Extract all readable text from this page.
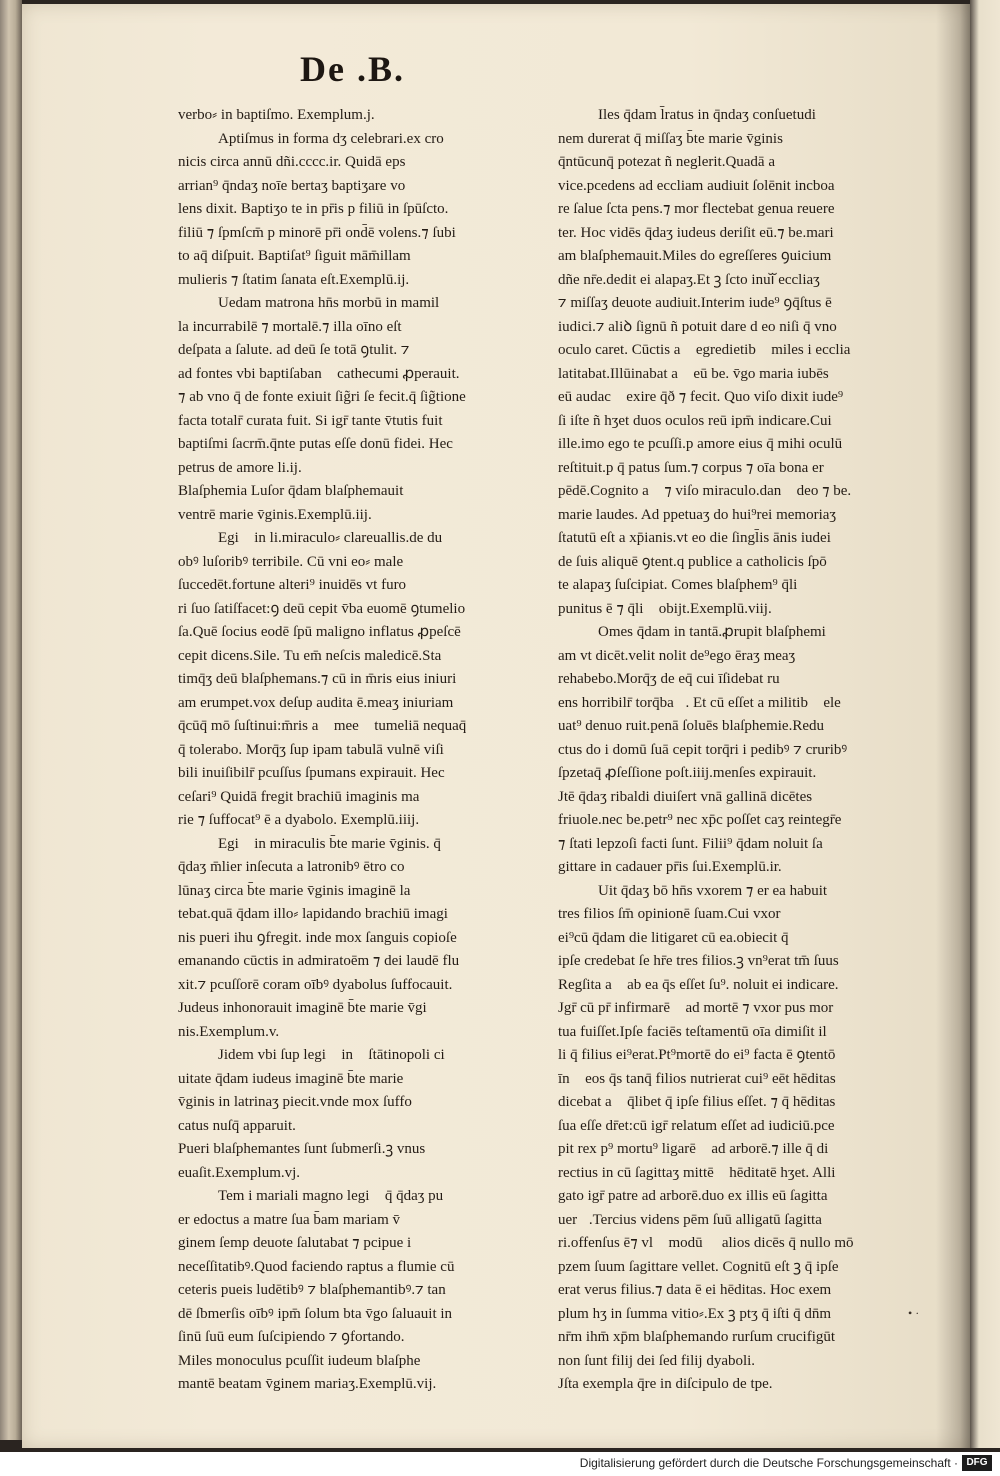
De .B.
verbo⸗ in baptiſmo. Exemplum.j.
Aptiſmus in forma dʒ celebrari.ex cro
nicis circa annū dñi.cccc.ir. Quidā eps
arrian⁹ q̄ndaʒ noīe bertaʒ baptiʒare vo
lens dixit. Baptiʒo te in pr̄is p filiū in ſpūſcto.
filiū ⁊ ſpmſcm̄ p minorē pr̄i ond̄ē volens.⁊ ſubi
to aq̄ diſpuit. Baptiſat⁹ ſiguit mām̄illam
mulieris ⁊ ſtatim ſanata eſt.Exemplū.ij.
Uedam matrona hn̄s morbū in mamil
la incurrabilē ⁊ mortalē.⁊ illa oīno eſt
deſpata a ſalute. ad deū ſe totā ꝯtulit. ⁊
ad fontes vbi baptiſabanᷓ cathecumi ꝓperauit.
⁊ ab vno q̄ de fonte exiuit ſig̃ri ſe fecit.q̄ ſig̃tione
facta totalr̄ curata fuit. Si igr̄ tante v̄tutis fuit
baptiſmi ſacrm̄.q̄nte putas eſſe donū fidei. Hec
petrus de amore li.ij.
Blaſphemia Luſor q̄dam blaſphemauit
ventrē marie v̄ginis.Exemplū.iij.
Egiᷓ in li.miraculo⸗ clareuallis.de du
obꝰ luſoribꝰ terribile. Cū vni eo⸗ male
ſuccedēt.fortune alteri⁹ inuidēs vt furo
ri ſuo ſatiſfacet:ꝯ deū cepit v̄ba euomē ꝯtumelio
ſa.Quē ſocius eodē ſpū maligno inflatus ꝓpeſcē
cepit dicens.Sile. Tu em̄ neſcis maledicē.Sta
timq̄ʒ deū blaſphemans.⁊ cū in m̄ris eius iniuri
am erumpet.vox deſup audita ē.meaʒ iniuriam
q̄cūq̄ mō ſuſtinui:m̄ris aᷓ mee ꝯtumeliā nequaq̄
q̄ tolerabo. Morq̄ʒ ſup ipam tabulā vulnē viſi
bili inuiſibilr̄ pcuſſus ſpumans expirauit. Hec
ceſari⁹ Quidā fregit brachiū imaginis ma
rie ⁊ ſuffocat⁹ ē a dyabolo. Exemplū.iiij.
Egiᷓ in miraculis b̄te marie v̄ginis. q̄
q̄daʒ m̄lier inſecuta a latronibꝰ ētro co
lūnaʒ circa b̄te marie v̄ginis imaginē la
tebat.quā q̄dam illo⸗ lapidando brachiū imagi
nis pueri ihu ꝯfregit. inde mox ſanguis copioſe
emanando cūctis in admiratoēm ⁊ dei laudē flu
xit.⁊ pcuſſorē coram oībꝰ dyabolus ſuffocauit.
Judeus inhonorauit imaginē b̄te marie v̄gi
nis.Exemplum.v.
Jidem vbi ſup legiᷓ in ꝯſtātinopoli ci
uitate q̄dam iudeus imaginē b̄te marie
v̄ginis in latrinaʒ piecit.vnde mox ſuffo
catus nuſq̄ apparuit.
Pueri blaſphemantes ſunt ſubmerſi.ꝫ vnus
euaſit.Exemplum.vj.
Tem i mariali magno legiᷓ q̄ q̄daʒ pu
er edoctus a matre ſua b̄am mariam v̄
ginem ſemp deuote ſalutabat ⁊ pcipue i
neceſſitatibꝰ.Quod faciendo raptus a flumie cū
ceteris pueis ludētibꝰ ⁊ blaſphemantibꝰ.⁊ tan
dē ſbmerſis oībꝰ ipm̄ ſolum bta v̄go ſaluauit in
ſinū ſuū eum ſuſcipiendo ⁊ ꝯfortando.
Miles monoculus pcuſſit iudeum blaſphe
mantē beatam v̄ginem mariaʒ.Exemplū.vij.
Iles q̄dam l̄ratus in q̄ndaʒ conſuetudi
nem durerat q̄ miſſaʒ b̄te marie v̄ginis
q̄ntūcunq̄ potezat ñ neglerit.Quadā aᷓ
vice.pcedens ad eccliam audiuit ſolēnit incboa
re ſalue ſcta pens.⁊ mor flectebat genua reuere
ter. Hoc vidēs q̄daʒ iudeus deriſit eū.⁊ be.mari
am blaſphemauit.Miles do egreſſeres ꝯuicium
dñe nr̄e.dedit ei alapaʒ.Et ꝫ ſcto inuiᷓ eccliaʒ
⁊ miſſaʒ deuote audiuit.Interim iude⁹ ꝯq̄ſtus ē
iudici.⁊ aliꝺ ſignū ñ potuit dare d eo niſi q̄ vno
oculo caret. Cūctis aᷓ egredietibꝰ miles i ecclia
latitabat.Illūinabat aᷓ eū be. v̄go maria iubēs
eū audacᷓ exire q̄ð ⁊ fecit. Quo viſo dixit iude⁹
ſi iſte ñ hʒet duos oculos reū ipm̄ indicare.Cui
ille.imo ego te pcuſſi.p amore eius q̄ mihi oculū
reſtituit.p q̄ patus ſum.⁊ corpus ⁊ oīa bona er
pēdē.Cognito aᷓ ⁊ viſo miraculo.danᷓ deo ⁊ be.
marie laudes. Ad ppetuaʒ do hui⁹rei memoriaʒ
ſtatutū eſt a xp̄ianis.vt eo die ſingl̄is ānis iudei
de ſuis aliquē ꝯtent.q publice a catholicis ſpō
te alapaʒ ſuſcipiat. Comes blaſphem⁹ q̄liᷓ
punitus ē ⁊ q̄liᷓ obijt.Exemplū.viij.
Omes q̄dam in tantā.ꝓrupit blaſphemi
am vt dicēt.velit nolit de⁹ego ēraʒ meaʒ
rehabebo.Morq̄ʒ de eq̄ cui īſidebat ru
ens horribilr̄ torq̄baᷓ. Et cū eſſet a militibꝰ ele
uat⁹ denuo ruit.penā ſoluēs blaſphemie.Redu
ctus do i domū ſuā cepit torq̄ri i pedibꝰ ⁊ cruribꝰ
ſpzetaq̄ ꝓſeſſione poſt.iiij.menſes expirauit.
Jtē q̄daʒ ribaldi diuiſert vnā gallinā dicētes
friuole.nec be.petr⁹ nec xp̄c poſſet caʒ reintegr̄e
⁊ ſtati lepzoſi facti ſunt. Filii⁹ q̄dam noluit ſa
gittare in cadauer pr̄is ſui.Exemplū.ir.
Uit q̄daʒ bō hn̄s vxorem ⁊ er ea habuit
tres filios ſm̄ opinionē ſuam.Cui vxor
ei⁹cū q̄dam die litigaret cū ea.obiecit q̄
ipſe credebat ſe hr̄e tres filios.ꝫ vn⁹erat tm̄ ſuus
Regſita aᷓ ab ea q̄s eſſet ſu⁹. noluit ei indicare.
Jgr̄ cū pr̄ infirmarēᷓ ad mortē ⁊ vxor pus mor
tua fuiſſet.Ipſe faciēs teſtamentū oīa dimiſit il
li q̄ filius ei⁹erat.Pt⁹mortē do ei⁹ facta ē ꝯtentō
īnᷓ eos q̄s tanq̄ filios nutrierat cui⁹ eēt hēditas
dicebat aᷓ q̄libet q̄ ipſe filius eſſet. ⁊ q̄ hēditas
ſua eſſe dr̄et:cū igr̄ relatum eſſet ad iudiciū.pce
pit rex p⁹ mortu⁹ ligarēᷓ ad arborē.⁊ ille q̄ di
rectius in cū ſagittaʒ mittēᷓ hēditatē hʒet. Alli
gato igr̄ patre ad arborē.duo ex illis eū ſagitta
uerᷓ.Tercius videns pēm ſuū alligatū ſagitta
ri.offenſus ē⁊ vlᷓ modū ꝯ alios dicēs q̄ nullo mō
pzem ſuum ſagittare vellet. Cognitū eſt ꝫ q̄ ipſe
erat verus filius.⁊ data ē ei hēditas. Hoc exem
plum hʒ in ſumma vitio⸗.Ex ꝫ ptʒ q̄ iſti q̄ dn̄m
nr̄m ihm̄ xp̄m blaſphemando rurſum crucifigūt
non ſunt filij dei ſed filij dyaboli.
Jſta exempla q̄re in diſcipulo de tpe.
• ·
Digitalisierung gefördert durch die Deutsche Forschungsgemeinschaft · DFG
